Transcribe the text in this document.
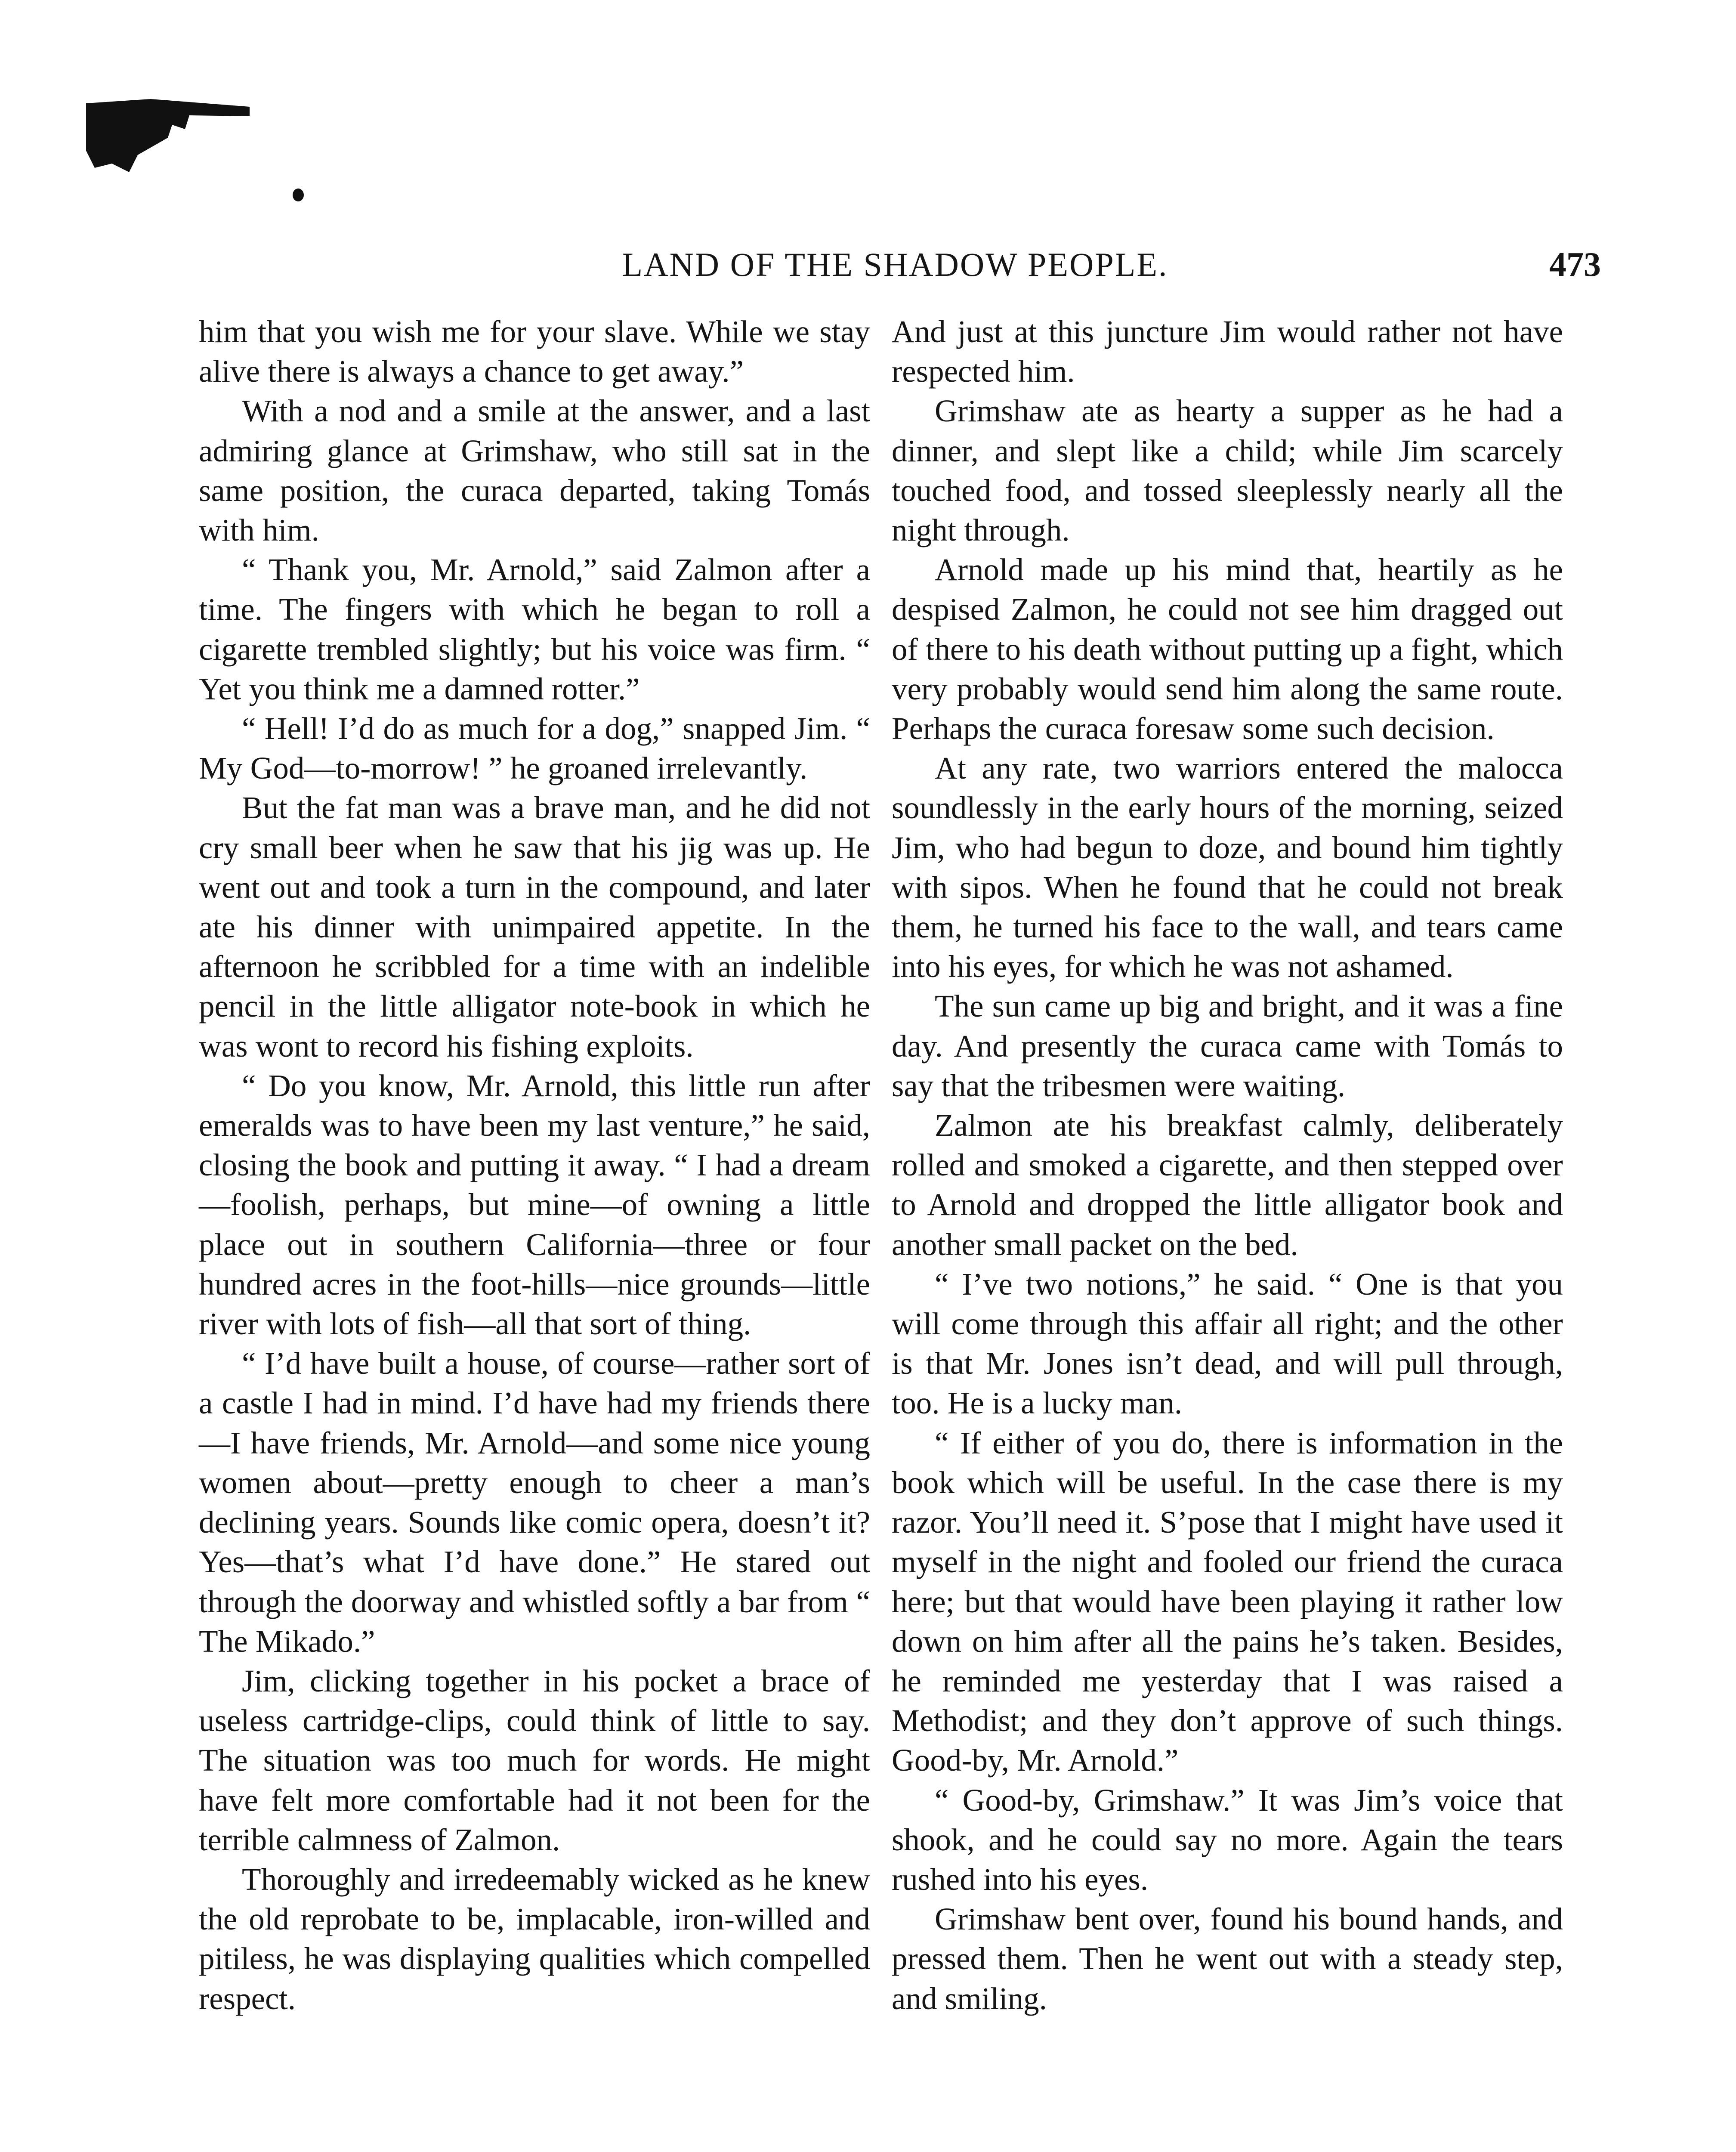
LAND OF THE SHADOW PEOPLE.	473

him that you wish me for your slave. While we stay alive there is always a chance to get away.”

With a nod and a smile at the answer, and a last admiring glance at Grimshaw, who still sat in the same position, the curaca departed, taking Tomás with him.

“ Thank you, Mr. Arnold,” said Zalmon after a time. The fingers with which he began to roll a cigarette trembled slightly; but his voice was firm. “ Yet you think me a damned rotter.”

“ Hell! I’d do as much for a dog,” snapped Jim. “ My God—to-morrow! ” he groaned irrelevantly.

But the fat man was a brave man, and he did not cry small beer when he saw that his jig was up. He went out and took a turn in the compound, and later ate his dinner with unimpaired appetite. In the afternoon he scribbled for a time with an indelible pencil in the little alligator note-book in which he was wont to record his fishing exploits.

“ Do you know, Mr. Arnold, this little run after emeralds was to have been my last venture,” he said, closing the book and putting it away. “ I had a dream—foolish, perhaps, but mine—of owning a little place out in southern California—three or four hundred acres in the foot-hills—nice grounds—little river with lots of fish—all that sort of thing.

“ I’d have built a house, of course—rather sort of a castle I had in mind. I’d have had my friends there—I have friends, Mr. Arnold—and some nice young women about—pretty enough to cheer a man’s declining years. Sounds like comic opera, doesn’t it? Yes—that’s what I’d have done.” He stared out through the doorway and whistled softly a bar from “ The Mikado.”

Jim, clicking together in his pocket a brace of useless cartridge-clips, could think of little to say. The situation was too much for words. He might have felt more comfortable had it not been for the terrible calmness of Zalmon.

Thoroughly and irredeemably wicked as he knew the old reprobate to be, implacable, iron-willed and pitiless, he was displaying qualities which compelled respect.

And just at this juncture Jim would rather not have respected him.

Grimshaw ate as hearty a supper as he had a dinner, and slept like a child; while Jim scarcely touched food, and tossed sleeplessly nearly all the night through.

Arnold made up his mind that, heartily as he despised Zalmon, he could not see him dragged out of there to his death without putting up a fight, which very probably would send him along the same route. Perhaps the curaca foresaw some such decision.

At any rate, two warriors entered the malocca soundlessly in the early hours of the morning, seized Jim, who had begun to doze, and bound him tightly with sipos. When he found that he could not break them, he turned his face to the wall, and tears came into his eyes, for which he was not ashamed.

The sun came up big and bright, and it was a fine day. And presently the curaca came with Tomás to say that the tribesmen were waiting.

Zalmon ate his breakfast calmly, deliberately rolled and smoked a cigarette, and then stepped over to Arnold and dropped the little alligator book and another small packet on the bed.

“ I’ve two notions,” he said. “ One is that you will come through this affair all right; and the other is that Mr. Jones isn’t dead, and will pull through, too. He is a lucky man.

“ If either of you do, there is information in the book which will be useful. In the case there is my razor. You’ll need it. S’pose that I might have used it myself in the night and fooled our friend the curaca here; but that would have been playing it rather low down on him after all the pains he’s taken. Besides, he reminded me yesterday that I was raised a Methodist; and they don’t approve of such things. Good-by, Mr. Arnold.”

“ Good-by, Grimshaw.” It was Jim’s voice that shook, and he could say no more. Again the tears rushed into his eyes.

Grimshaw bent over, found his bound hands, and pressed them. Then he went out with a steady step, and smiling.
